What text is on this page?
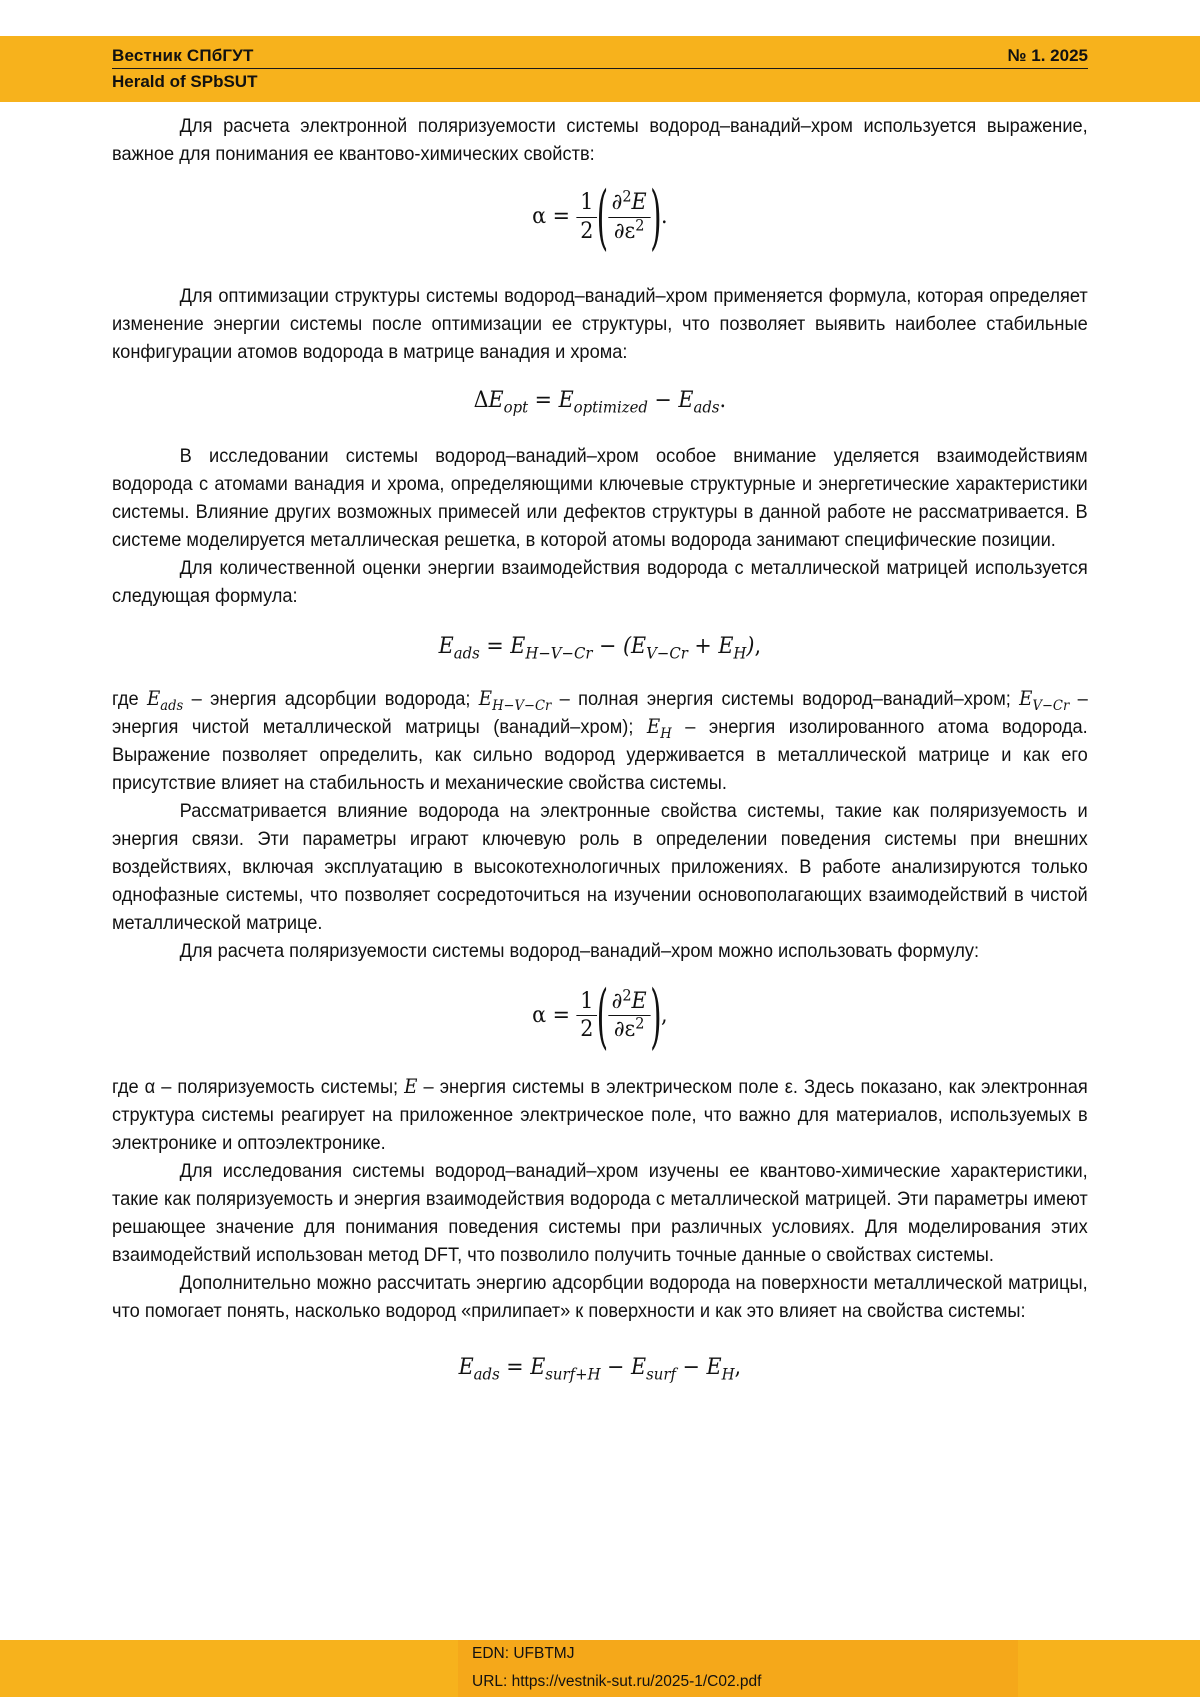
Вестник СПбГУТ
Herald of SPbSUT
№ 1. 2025

Для расчета электронной поляризуемости системы водород–ванадий–хром используется выражение, важное для понимания ее квантово-химических свойств:

$\alpha = \frac{1}{2}$ ( $\frac{\partial^2E}{\partial\varepsilon^2}$ ).

Для оптимизации структуры системы водород–ванадий–хром применяется формула, которая определяет изменение энергии системы после оптимизации ее структуры, что позволяет выявить наиболее стабильные конфигурации атомов водорода в матрице ванадия и хрома:

$\Delta E_{opt} = E_{optimized} - E_{ads}$.

В исследовании системы водород–ванадий–хром особое внимание уделяется взаимодействиям водорода с атомами ванадия и хрома, определяющими ключевые структурные и энергетические характеристики системы. Влияние других возможных примесей или дефектов структуры в данной работе не рассматривается. В системе моделируется металлическая решетка, в которой атомы водорода занимают специфические позиции.

Для количественной оценки энергии взаимодействия водорода с металлической матрицей используется следующая формула:

$E_{ads} = E_{H-V-Cr} - (E_{V-Cr} + E_H)$,

где $E_{ads}$ – энергия адсорбции водорода; $E_{H-V-Cr}$ – полная энергия системы водород–ванадий–хром; $E_{V-Cr}$ – энергия чистой металлической матрицы (ванадий–хром); $E_H$ – энергия изолированного атома водорода. Выражение позволяет определить, как сильно водород удерживается в металлической матрице и как его присутствие влияет на стабильность и механические свойства системы.

Рассматривается влияние водорода на электронные свойства системы, такие как поляризуемость и энергия связи. Эти параметры играют ключевую роль в определении поведения системы при внешних воздействиях, включая эксплуатацию в высокотехнологичных приложениях. В работе анализируются только однофазные системы, что позволяет сосредоточиться на изучении основополагающих взаимодействий в чистой металлической матрице.

Для расчета поляризуемости системы водород–ванадий–хром можно использовать формулу:

$\alpha = \frac{1}{2}$ ( $\frac{\partial^2E}{\partial\varepsilon^2}$ ),

где α – поляризуемость системы; E – энергия системы в электрическом поле ε. Здесь показано, как электронная структура системы реагирует на приложенное электрическое поле, что важно для материалов, используемых в электронике и оптоэлектронике.

Для исследования системы водород–ванадий–хром изучены ее квантово-химические характеристики, такие как поляризуемость и энергия взаимодействия водорода с металлической матрицей. Эти параметры имеют решающее значение для понимания поведения системы при различных условиях. Для моделирования этих взаимодействий использован метод DFT, что позволило получить точные данные о свойствах системы.

Дополнительно можно рассчитать энергию адсорбции водорода на поверхности металлической матрицы, что помогает понять, насколько водород «прилипает» к поверхности и как это влияет на свойства системы:

$E_{ads} = E_{surf+H} - E_{surf} - E_H$,
EDN: UFBTMJ
URL: https://vestnik-sut.ru/2025-1/C02.pdf
